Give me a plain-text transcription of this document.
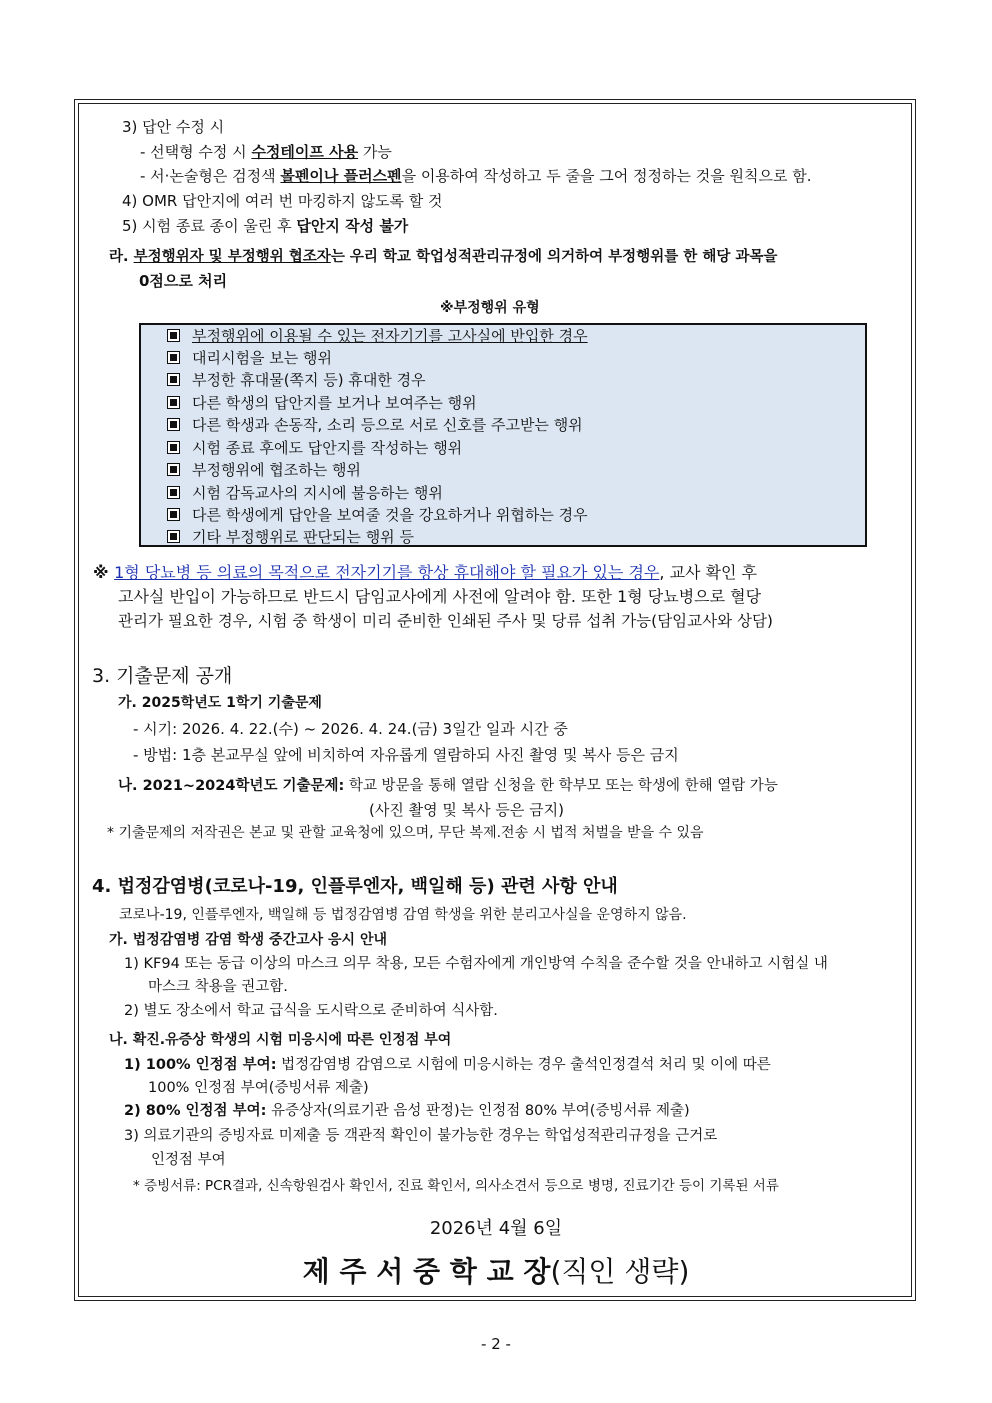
3) 답안 수정 시
- 선택형 수정 시 수정테이프 사용 가능
- 서·논술형은 검정색 볼펜이나 플러스펜을 이용하여 작성하고 두 줄을 그어 정정하는 것을 원칙으로 함.
4) OMR 답안지에 여러 번 마킹하지 않도록 할 것
5) 시험 종료 종이 울린 후 답안지 작성 불가
라. 부정행위자 및 부정행위 협조자는 우리 학교 학업성적관리규정에 의거하여 부정행위를 한 해당 과목을
0점으로 처리
※부정행위 유형
부정행위에 이용될 수 있는 전자기기를 고사실에 반입한 경우
대리시험을 보는 행위
부정한 휴대물(쪽지 등) 휴대한 경우
다른 학생의 답안지를 보거나 보여주는 행위
다른 학생과 손동작, 소리 등으로 서로 신호를 주고받는 행위
시험 종료 후에도 답안지를 작성하는 행위
부정행위에 협조하는 행위
시험 감독교사의 지시에 불응하는 행위
다른 학생에게 답안을 보여줄 것을 강요하거나 위협하는 경우
기타 부정행위로 판단되는 행위 등
※ 1형 당뇨병 등 의료의 목적으로 전자기기를 항상 휴대해야 할 필요가 있는 경우, 교사 확인 후
고사실 반입이 가능하므로 반드시 담임교사에게 사전에 알려야 함. 또한 1형 당뇨병으로 혈당
관리가 필요한 경우, 시험 중 학생이 미리 준비한 인쇄된 주사 및 당류 섭취 가능(담임교사와 상담)
3. 기출문제 공개
가. 2025학년도 1학기 기출문제
- 시기: 2026. 4. 22.(수) ~ 2026. 4. 24.(금) 3일간 일과 시간 중
- 방법: 1층 본교무실 앞에 비치하여 자유롭게 열람하되 사진 촬영 및 복사 등은 금지
나. 2021~2024학년도 기출문제: 학교 방문을 통해 열람 신청을 한 학부모 또는 학생에 한해 열람 가능
(사진 촬영 및 복사 등은 금지)
* 기출문제의 저작권은 본교 및 관할 교육청에 있으며, 무단 복제.전송 시 법적 처벌을 받을 수 있음
4. 법정감염병(코로나-19, 인플루엔자, 백일해 등) 관련 사항 안내
코로나-19, 인플루엔자, 백일해 등 법정감염병 감염 학생을 위한 분리고사실을 운영하지 않음.
가. 법정감염병 감염 학생 중간고사 응시 안내
1) KF94 또는 동급 이상의 마스크 의무 착용, 모든 수험자에게 개인방역 수칙을 준수할 것을 안내하고 시험실 내
마스크 착용을 권고함.
2) 별도 장소에서 학교 급식을 도시락으로 준비하여 식사함.
나. 확진.유증상 학생의 시험 미응시에 따른 인정점 부여
1) 100% 인정점 부여: 법정감염병 감염으로 시험에 미응시하는 경우 출석인정결석 처리 및 이에 따른
100% 인정점 부여(증빙서류 제출)
2) 80% 인정점 부여: 유증상자(의료기관 음성 판정)는 인정점 80% 부여(증빙서류 제출)
3) 의료기관의 증빙자료 미제출 등 객관적 확인이 불가능한 경우는 학업성적관리규정을 근거로
인정점 부여
* 증빙서류: PCR결과, 신속항원검사 확인서, 진료 확인서, 의사소견서 등으로 병명, 진료기간 등이 기록된 서류
2026년 4월 6일
제 주 서 중 학 교 장(직인 생략)
- 2 -
